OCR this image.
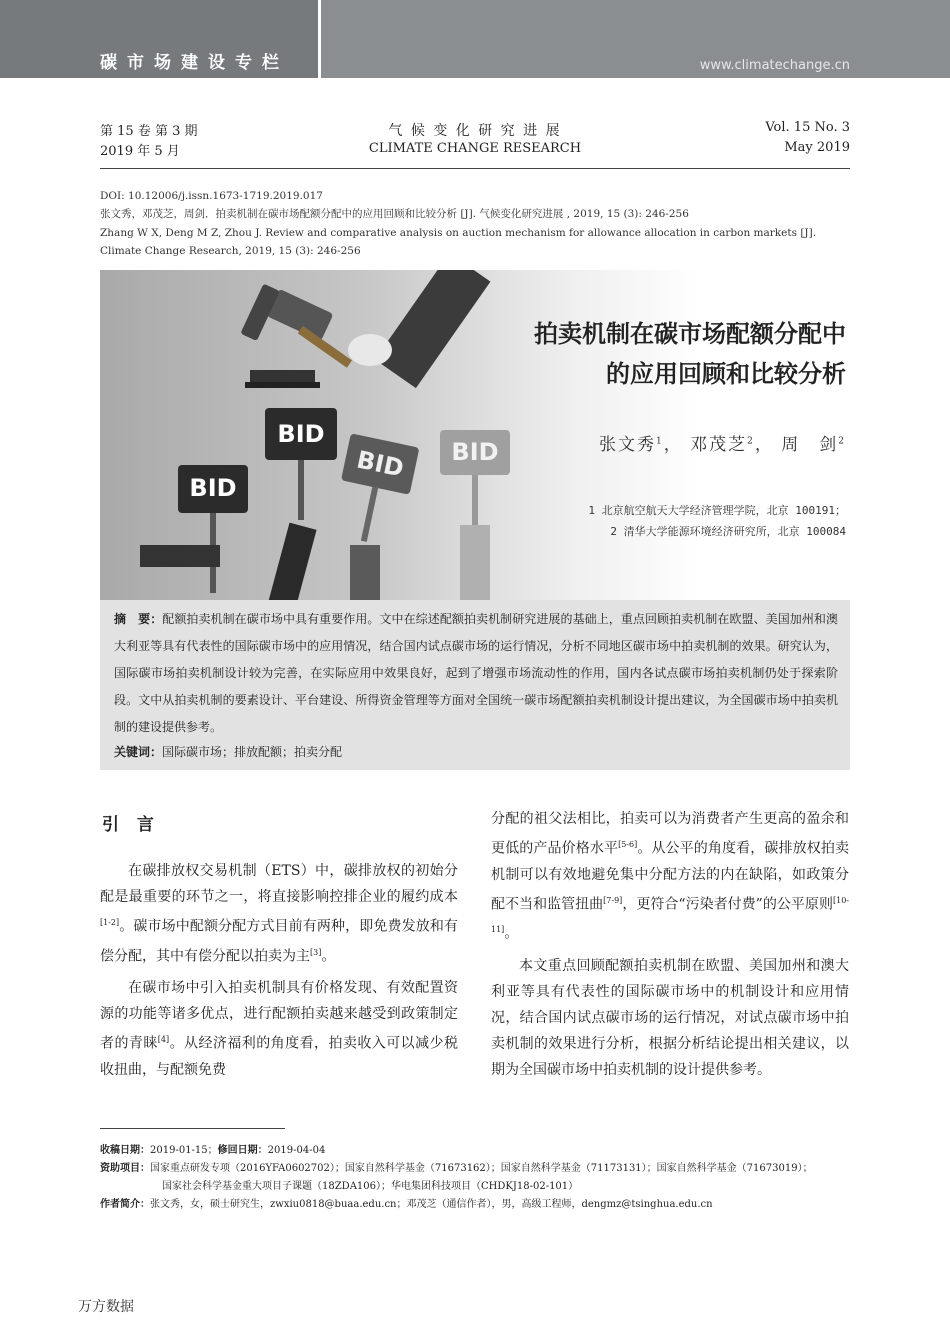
碳市场建设专栏	www.climatechange.cn
第 15 卷 第 3 期
2019 年 5 月
气 候 变 化 研 究 进 展
CLIMATE CHANGE RESEARCH
Vol. 15 No. 3
May 2019
DOI: 10.12006/j.issn.1673-1719.2019.017
张文秀，邓茂芝，周剑．拍卖机制在碳市场配额分配中的应用回顾和比较分析 [J]. 气候变化研究进展 , 2019, 15 (3): 246-256
Zhang W X, Deng M Z, Zhou J. Review and comparative analysis on auction mechanism for allowance allocation in carbon markets [J]. Climate Change Research, 2019, 15 (3): 246-256
BID
BID
BID BID
拍卖机制在碳市场配额分配中
的应用回顾和比较分析
张文秀$^1$， 邓茂芝$^2$， 周　剑$^2$
1 北京航空航天大学经济管理学院，北京 100191；
2 清华大学能源环境经济研究所，北京 100084
摘　要：配额拍卖机制在碳市场中具有重要作用。文中在综述配额拍卖机制研究进展的基础上，重点回顾拍卖机制在欧盟、美国加州和澳大利亚等具有代表性的国际碳市场中的应用情况，结合国内试点碳市场的运行情况，分析不同地区碳市场中拍卖机制的效果。研究认为，国际碳市场拍卖机制设计较为完善，在实际应用中效果良好，起到了增强市场流动性的作用，国内各试点碳市场拍卖机制仍处于探索阶段。文中从拍卖机制的要素设计、平台建设、所得资金管理等方面对全国统一碳市场配额拍卖机制设计提出建议，为全国碳市场中拍卖机制的建设提供参考。
关键词：国际碳市场；排放配额；拍卖分配
引 言

在碳排放权交易机制（ETS）中，碳排放权的初始分配是最重要的环节之一，将直接影响控排企业的履约成本[1-2]。碳市场中配额分配方式目前有两种，即免费发放和有偿分配，其中有偿分配以拍卖为主[3]。

在碳市场中引入拍卖机制具有价格发现、有效配置资源的功能等诸多优点，进行配额拍卖越来越受到政策制定者的青睐[4]。从经济福利的角度看，拍卖收入可以减少税收扭曲，与配额免费

分配的祖父法相比，拍卖可以为消费者产生更高的盈余和更低的产品价格水平[5-6]。从公平的角度看，碳排放权拍卖机制可以有效地避免集中分配方法的内在缺陷，如政策分配不当和监管扭曲[7-9]，更符合“污染者付费”的公平原则[10-11]。

本文重点回顾配额拍卖机制在欧盟、美国加州和澳大利亚等具有代表性的国际碳市场中的机制设计和应用情况，结合国内试点碳市场的运行情况，对试点碳市场中拍卖机制的效果进行分析，根据分析结论提出相关建议，以期为全国碳市场中拍卖机制的设计提供参考。

收稿日期：2019-01-15；修回日期：2019-04-04
资助项目：国家重点研发专项（2016YFA0602702）；国家自然科学基金（71673162）；国家自然科学基金（71173131）；国家自然科学基金（71673019）；
国家社会科学基金重大项目子课题（18ZDA106）；华电集团科技项目（CHDKJ18-02-101）
作者简介：张文秀，女，硕士研究生，zwxiu0818@buaa.edu.cn；邓茂芝（通信作者），男，高级工程师，dengmz@tsinghua.edu.cn
万方数据
